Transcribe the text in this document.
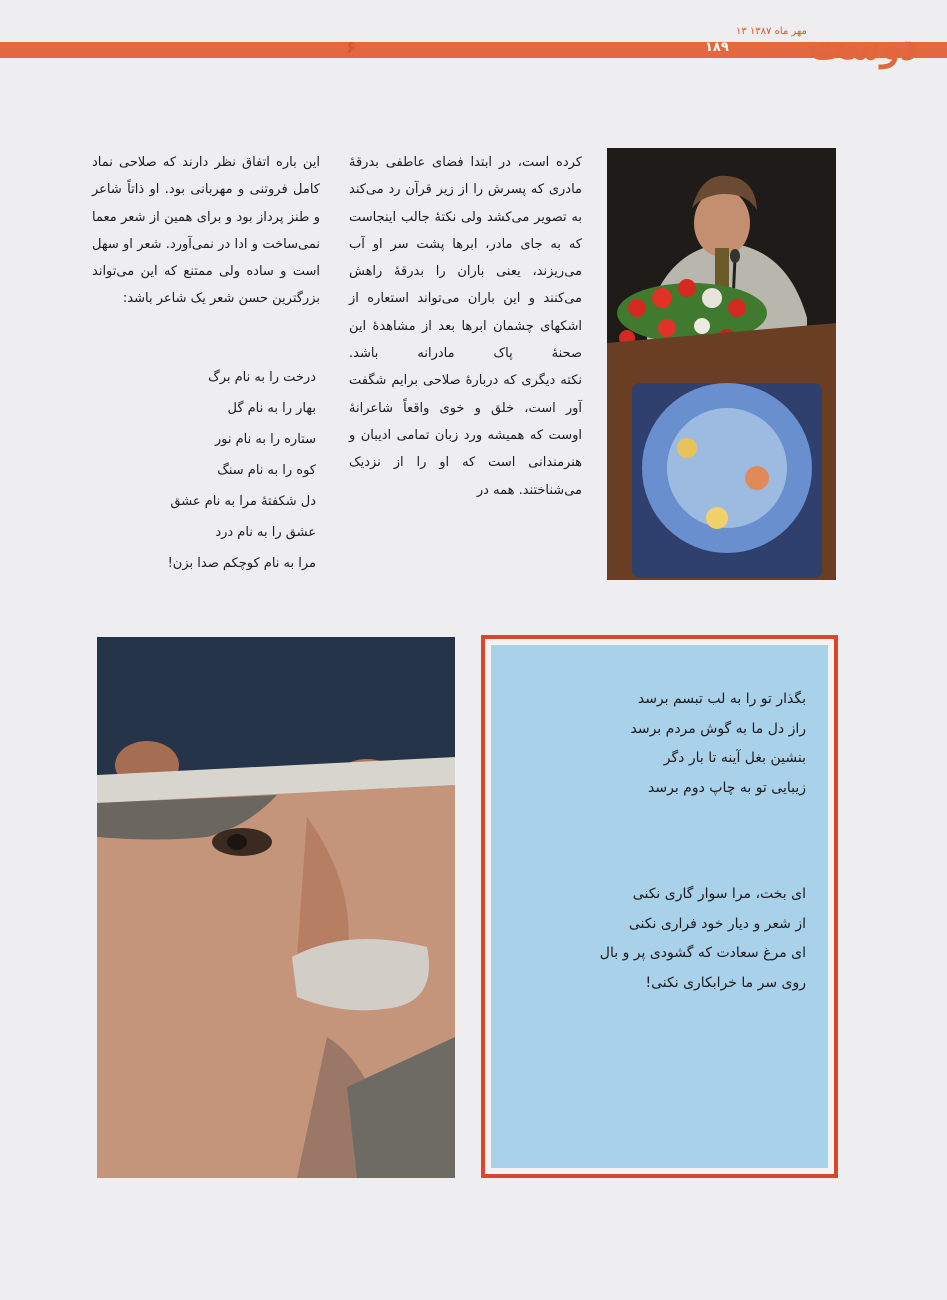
۶	۱۸۹
۱۳ مهر ماه ۱۳۸۷ دوست

کرده است، در ابتدا فضای عاطفی بدرقهٔ مادری که پسرش را از زیر قرآن رد می‌کند به تصویر می‌کشد ولی نکتهٔ جالب اینجاست که به جای مادر، ابرها پشت سر او آب می‌ریزند، یعنی باران را بدرقهٔ راهش می‌کنند و این باران می‌تواند استعاره از اشکهای چشمان ابرها بعد از مشاهدهٔ این صحنهٔ پاک مادرانه باشد.

نکته دیگری که دربارهٔ صلاحی برایم شگفت آور است، خلق و خوی واقعاً شاعرانهٔ اوست که همیشه ورد زبان تمامی ادیبان و هنرمندانی است که او را از نزدیک می‌شناختند. همه در

این باره اتفاق نظر دارند که صلاحی نماد کامل فروتنی و مهربانی بود. او ذاتاً شاعر و طنز پرداز بود و برای همین از شعر معما نمی‌ساخت و ادا در نمی‌آورد. شعر او سهل است و ساده ولی ممتنع که این می‌تواند بزرگترین حسن شعر یک شاعر باشد:

درخت را به نام برگ
بهار را به نام گل
ستاره را به نام نور
کوه را به نام سنگ
دل شکفتهٔ مرا به نام عشق
عشق را به نام درد
مرا به نام کوچکم صدا بزن!
بگذار تو را به لب تبسم برسد
راز دل ما به گوش مردم برسد
بنشین بغل آینه تا بار دگر
زیبایی تو به چاپ دوم برسد
ای بخت، مرا سوار گاری نکنی
از شعر و دیار خود فراری نکنی
ای مرغ سعادت که گشودی پر و بال
روی سر ما خرابکاری نکنی!
